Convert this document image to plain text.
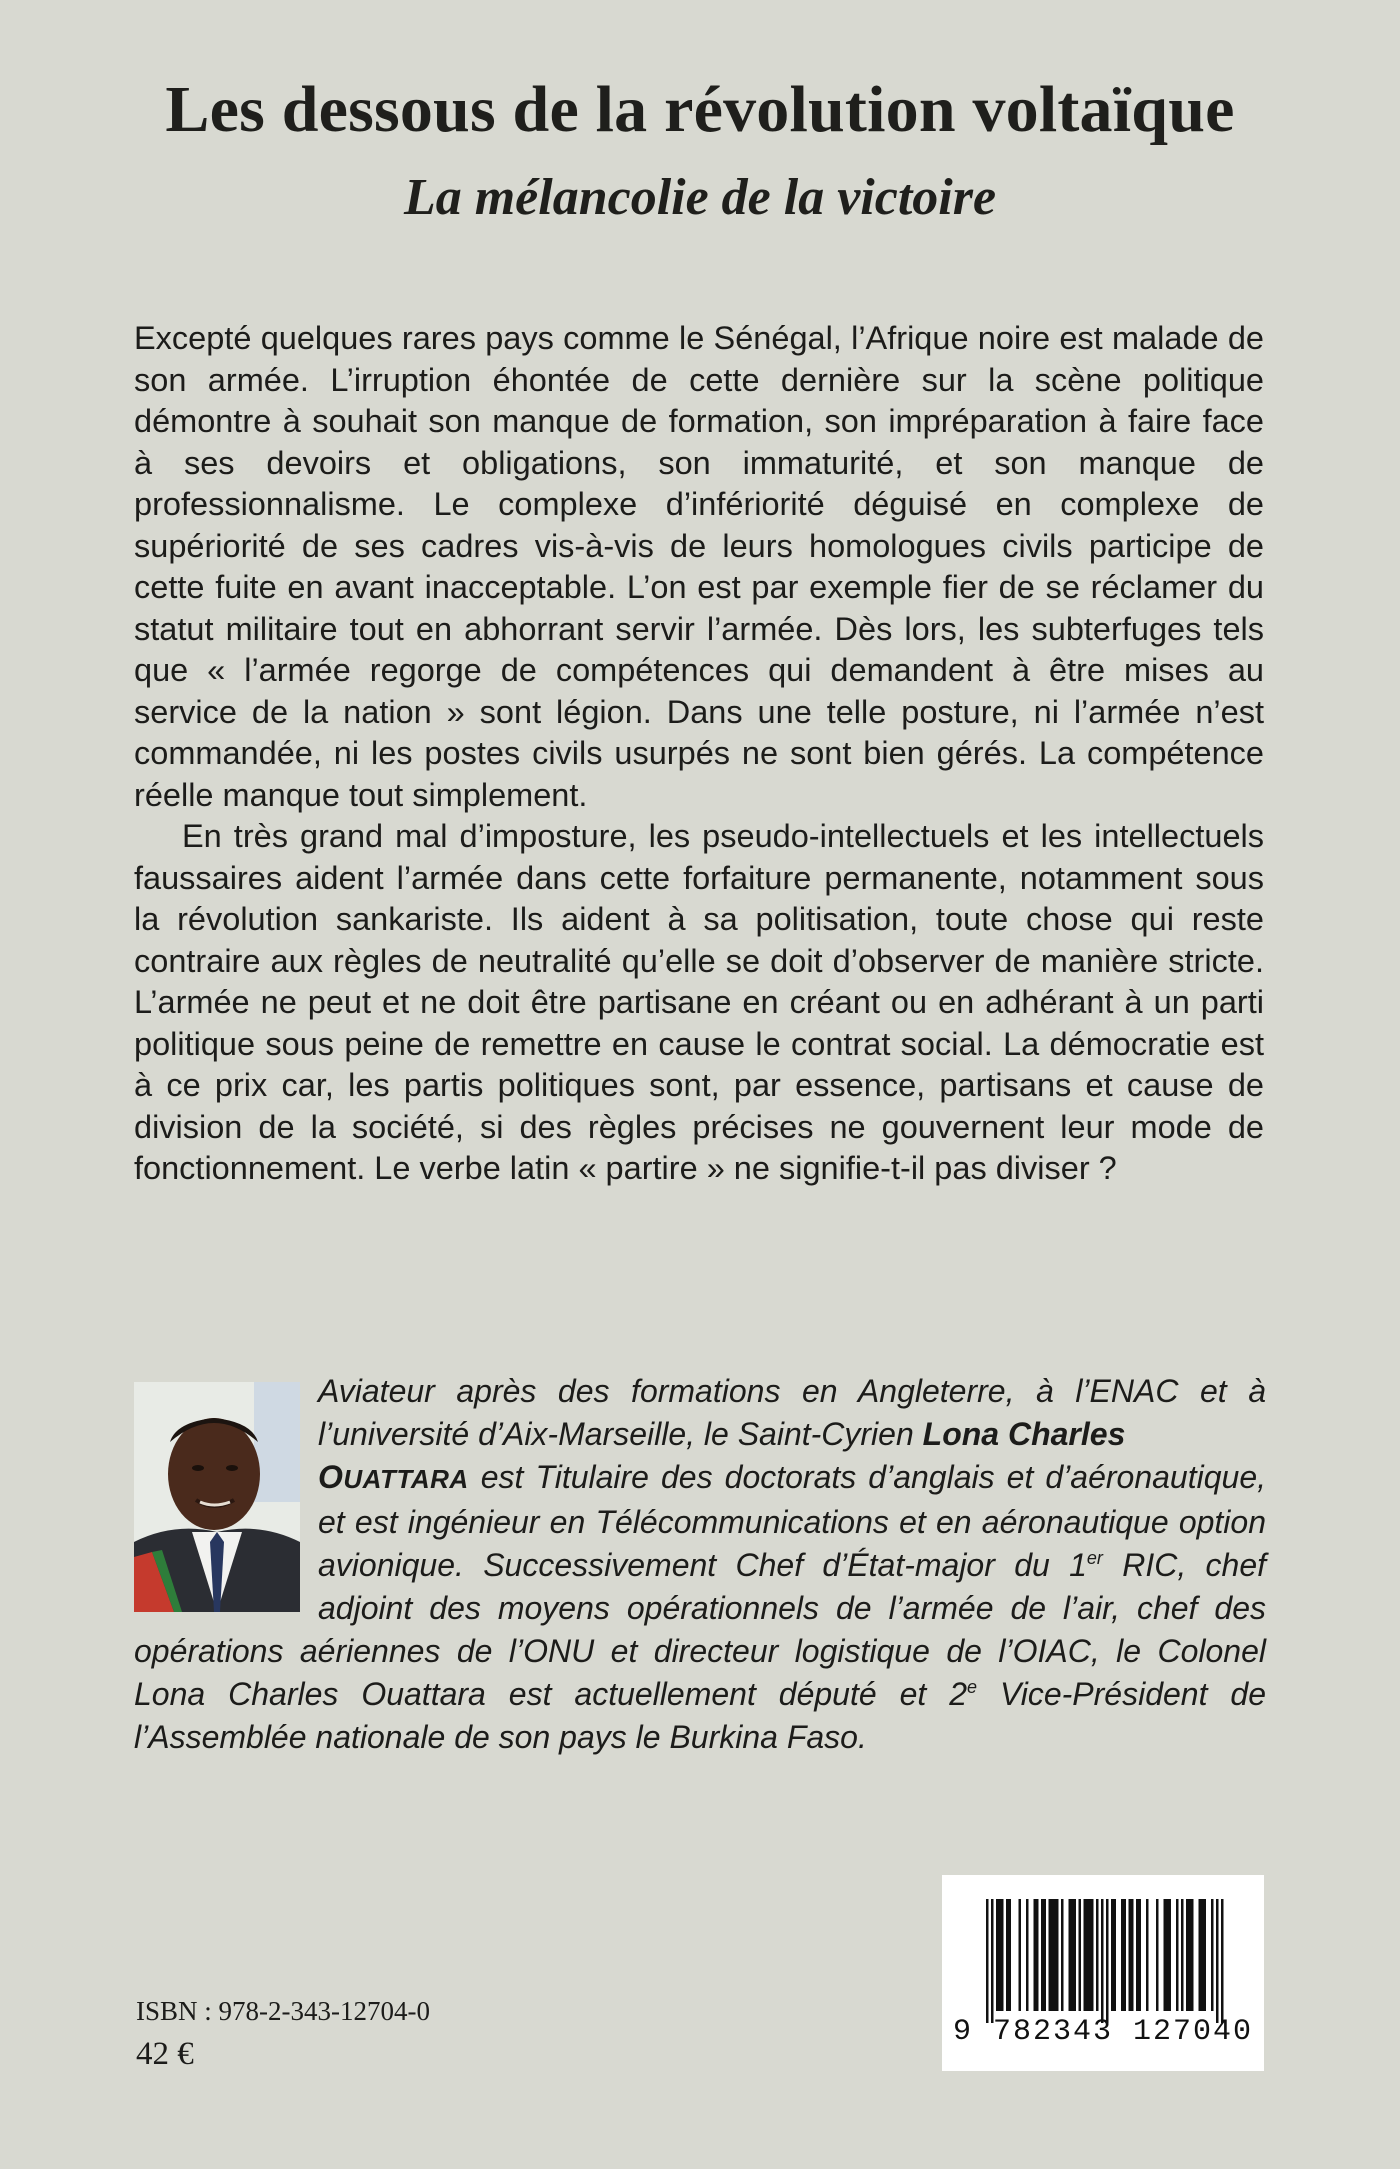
Les dessous de la révolution voltaïque
La mélancolie de la victoire

Excepté quelques rares pays comme le Sénégal, l’Afrique noire est malade de son armée. L’irruption éhontée de cette dernière sur la scène politique démontre à souhait son manque de formation, son impréparation à faire face à ses devoirs et obligations, son immaturité, et son manque de professionnalisme. Le complexe d’infériorité déguisé en complexe de supériorité de ses cadres vis-à-vis de leurs homologues civils participe de cette fuite en avant inacceptable. L’on est par exemple fier de se réclamer du statut militaire tout en abhorrant servir l’armée. Dès lors, les subterfuges tels que « l’armée regorge de compétences qui demandent à être mises au service de la nation » sont légion. Dans une telle posture, ni l’armée n’est commandée, ni les postes civils usurpés ne sont bien gérés. La compétence réelle manque tout simplement.

En très grand mal d’imposture, les pseudo-intellectuels et les intellectuels faussaires aident l’armée dans cette forfaiture permanente, notamment sous la révolution sankariste. Ils aident à sa politisation, toute chose qui reste contraire aux règles de neutralité qu’elle se doit d’observer de manière stricte. L’armée ne peut et ne doit être partisane en créant ou en adhérant à un parti politique sous peine de remettre en cause le contrat social. La démocratie est à ce prix car, les partis politiques sont, par essence, partisans et cause de division de la société, si des règles précises ne gouvernent leur mode de fonctionnement. Le verbe latin « partire » ne signifie-t-il pas diviser ?

Aviateur après des formations en Angleterre, à l’ENAC et à l’université d’Aix-Marseille, le Saint-Cyrien Lona Charles
OUATTARA est Titulaire des doctorats d’anglais et d’aéronautique, et est ingénieur en Télécommunications et en aéronautique option avionique. Successivement Chef d’État-major du 1er RIC, chef adjoint des moyens opérationnels de l’armée de l’air, chef des opérations aériennes de l’ONU et directeur logistique de l’OIAC, le Colonel Lona Charles Ouattara est actuellement député et 2e Vice-Président de l’Assemblée nationale de son pays le Burkina Faso.
ISBN : 978-2-343-12704-0
42 €
9 782343 127040
